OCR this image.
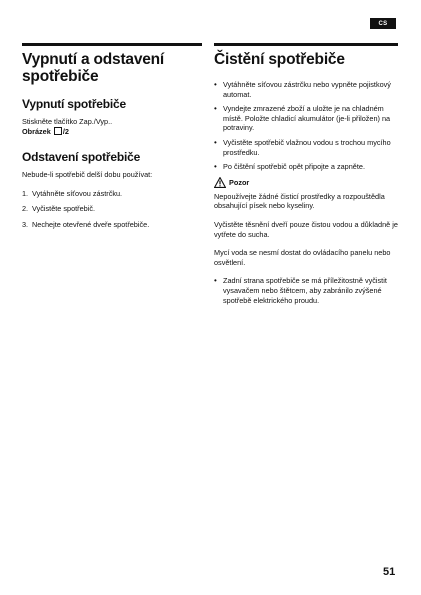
CS
Vypnutí a odstavení
spotřebiče
Vypnutí spotřebiče

Stiskněte tlačítko Zap./Vyp..

Obrázek /2

Odstavení spotřebiče

Nebude-li spotřebič delší dobu používat:

1. Vytáhněte síťovou zástrčku.
2. Vyčistěte spotřebič.
3. Nechejte otevřené dveře spotřebiče.
Čistění spotřebiče
• Vytáhněte síťovou zástrčku nebo vypněte pojistkový automat.
• Vyndejte zmrazené zboží a uložte je na chladném místě. Položte chladicí akumulátor (je-li přiložen) na potraviny.
• Vyčistěte spotřebič vlažnou vodou s trochou mycího prostředku.
• Po čištění spotřebič opět připojte a zapněte.
Pozor

Nepoužívejte žádné čisticí prostředky a rozpouštědla obsahující písek nebo kyseliny.

Vyčistěte těsnění dveří pouze čistou vodou a důkladně je vytřete do sucha.

Mycí voda se nesmí dostat do ovládacího panelu nebo osvětlení.

• Zadní strana spotřebiče se má příležitostně vyčistit vysavačem nebo štětcem, aby zabránilo zvýšené spotřebě elektrického proudu.
51
